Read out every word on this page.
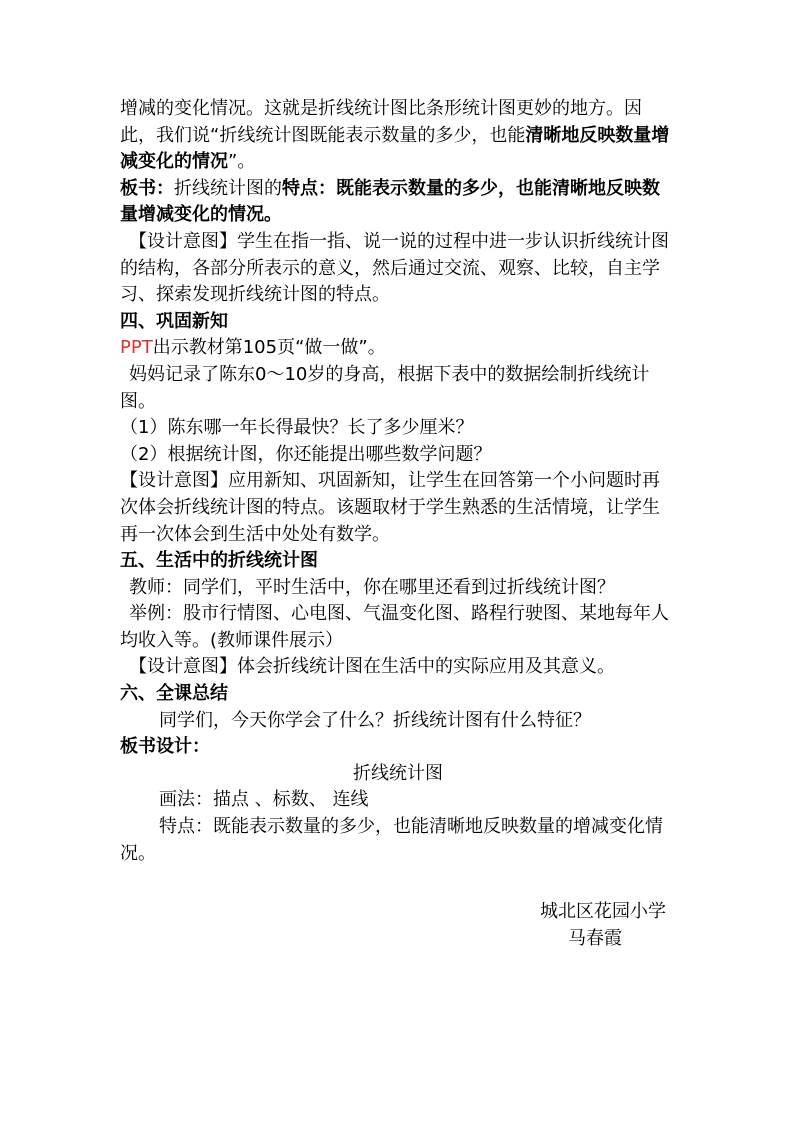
增减的变化情况。这就是折线统计图比条形统计图更妙的地方。因此，我们说“折线统计图既能表示数量的多少，也能清晰地反映数量增减变化的情况”。

板书：折线统计图的特点：既能表示数量的多少，也能清晰地反映数量增减变化的情况。

【设计意图】学生在指一指、说一说的过程中进一步认识折线统计图的结构，各部分所表示的意义，然后通过交流、观察、比较，自主学习、探索发现折线统计图的特点。

四、巩固新知

PPT出示教材第105页“做一做”。

妈妈记录了陈东0～10岁的身高，根据下表中的数据绘制折线统计图。

（1）陈东哪一年长得最快？长了多少厘米？

（2）根据统计图，你还能提出哪些数学问题？

【设计意图】应用新知、巩固新知，让学生在回答第一个小问题时再次体会折线统计图的特点。该题取材于学生熟悉的生活情境，让学生再一次体会到生活中处处有数学。

五、生活中的折线统计图

教师：同学们，平时生活中，你在哪里还看到过折线统计图？

举例：股市行情图、心电图、气温变化图、路程行驶图、某地每年人均收入等。(教师课件展示）

【设计意图】体会折线统计图在生活中的实际应用及其意义。

六、全课总结

同学们，今天你学会了什么？折线统计图有什么特征？

板书设计：

折线统计图

画法：描点 、标数、 连线

特点：既能表示数量的多少，也能清晰地反映数量的增减变化情况。

城北区花园小学
马春霞
